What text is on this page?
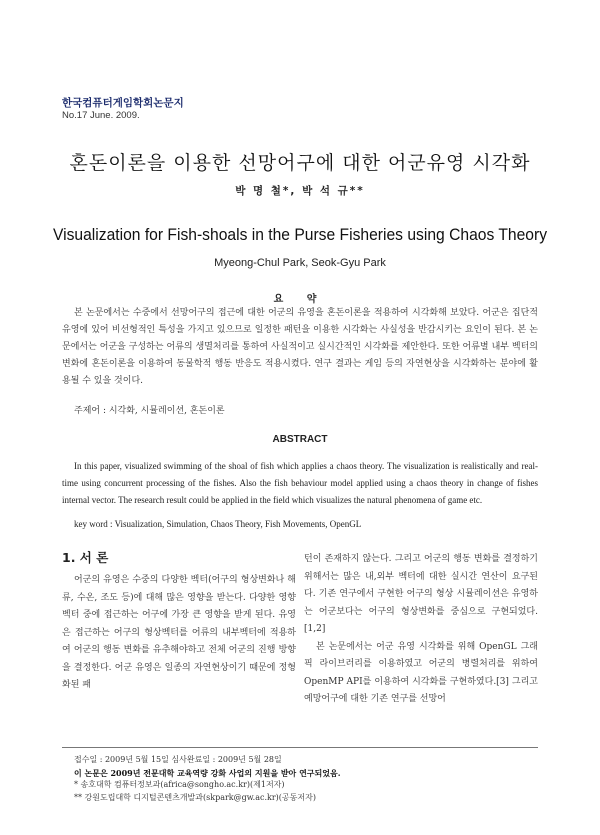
한국컴퓨터게임학회논문지
No.17 June. 2009.
혼돈이론을 이용한 선망어구에 대한 어군유영 시각화
박 명 철*, 박 석 규**
Visualization for Fish-shoals in the Purse Fisheries using Chaos Theory
Myeong-Chul Park, Seok-Gyu Park
요 약
본 논문에서는 수중에서 선망어구의 접근에 대한 어군의 유영을 혼돈이론을 적용하여 시각화해 보았다. 어군은 집단적 유영에 있어 비선형적인 특성을 가지고 있으므로 일정한 패턴을 이용한 시각화는 사실성을 반감시키는 요인이 된다. 본 논문에서는 어군을 구성하는 어류의 생멸처리를 통하여 사실적이고 실시간적인 시각화를 제안한다. 또한 어류별 내부 벡터의 변화에 혼돈이론을 이용하여 동물학적 행동 반응도 적용시켰다. 연구 결과는 게임 등의 자연현상을 시각화하는 분야에 활용될 수 있을 것이다.
주제어 : 시각화, 시뮬레이션, 혼돈이론
ABSTRACT
In this paper, visualized swimming of the shoal of fish which applies a chaos theory. The visualization is realistically and real-time using concurrent processing of the fishes. Also the fish behaviour model applied using a chaos theory in change of fishes internal vector. The research result could be applied in the field which visualizes the natural phenomena of game etc.
key word : Visualization, Simulation, Chaos Theory, Fish Movements, OpenGL
1. 서 론

어군의 유영은 수중의 다양한 벡터(어구의 형상변화나 해류, 수온, 조도 등)에 대해 많은 영향을 받는다. 다양한 영향 벡터 중에 접근하는 어구에 가장 큰 영향을 받게 된다. 유영은 접근하는 어구의 형상벡터를 어류의 내부벡터에 적용하여 어군의 행동 변화를 유추해야하고 전체 어군의 진행 방향을 결정한다. 어군 유영은 일종의 자연현상이기 때문에 정형화된 패

턴이 존재하지 않는다. 그리고 어군의 행동 변화를 결정하기 위해서는 많은 내,외부 벡터에 대한 실시간 연산이 요구된다. 기존 연구에서 구현한 어구의 형상 시뮬레이션은 유영하는 어군보다는 어구의 형상변화를 중심으로 구현되었다.[1,2]

본 논문에서는 어군 유영 시각화를 위해 OpenGL 그래픽 라이브러리를 이용하였고 어군의 병렬처리를 위하여 OpenMP API를 이용하여 시각화를 구현하였다.[3] 그리고 예망어구에 대한 기존 연구를 선망어

접수일 : 2009년 5월 15일 심사완료일 : 2009년 5월 28일
이 논문은 2009년 전문대학 교육역량 강화 사업의 지원을 받아 연구되었음.
* 송호대학 컴퓨터정보과(africa@songho.ac.kr)(제1저자)
** 강원도립대학 디지털콘텐츠개발과(skpark@gw.ac.kr)(공동저자)
